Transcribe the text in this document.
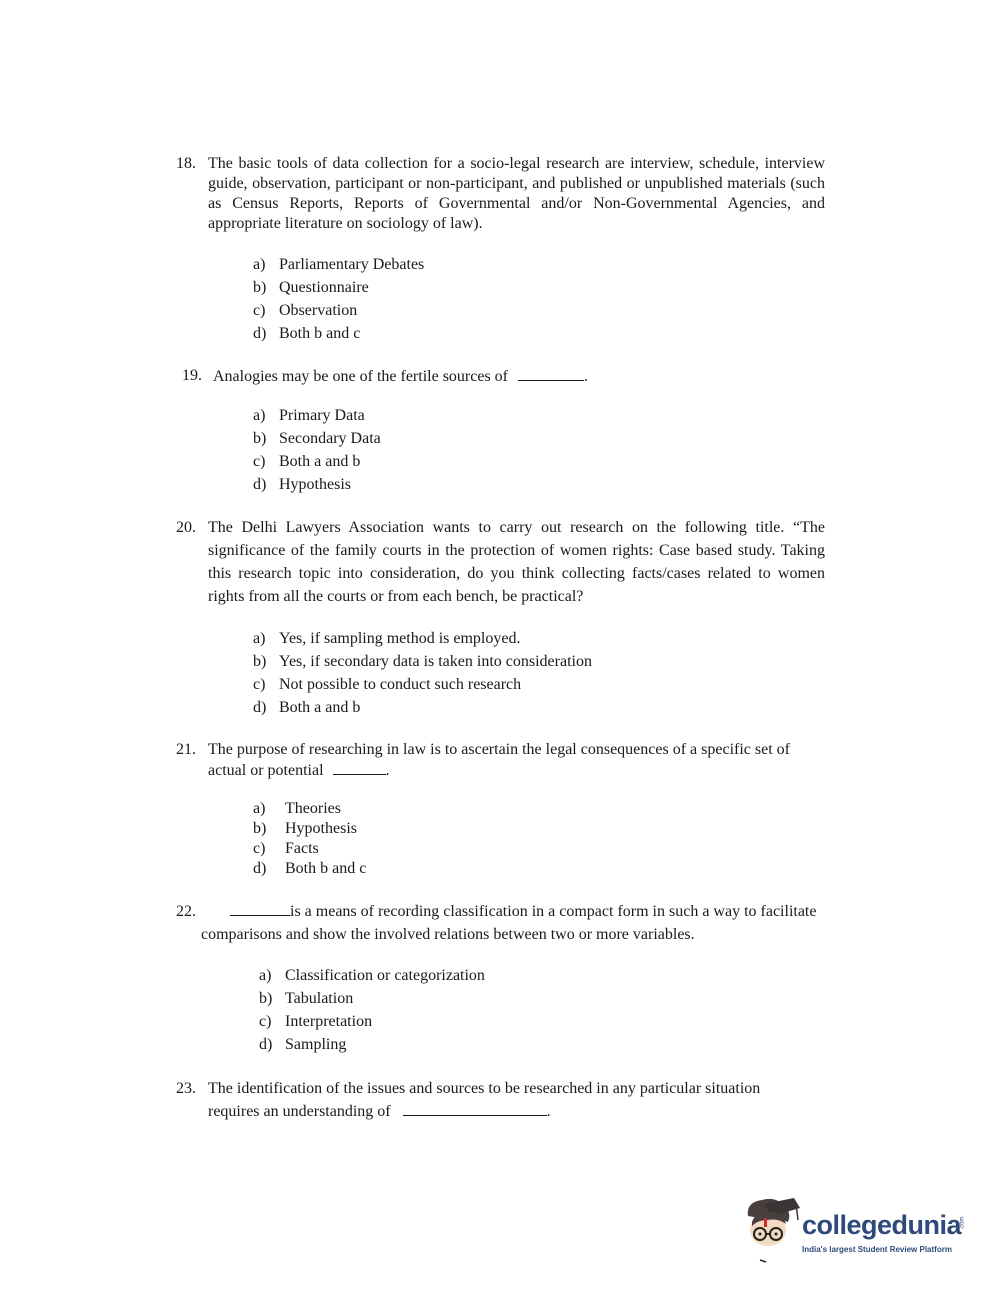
18. The basic tools of data collection for a socio-legal research are interview, schedule, interview guide, observation, participant or non-participant, and published or unpublished materials (such as Census Reports, Reports of Governmental and/or Non-Governmental Agencies, and appropriate literature on sociology of law).
a) Parliamentary Debates
b) Questionnaire
c) Observation
d) Both b and c
19. Analogies may be one of the fertile sources of	.
a) Primary Data
b) Secondary Data
c) Both a and b
d) Hypothesis
20. The Delhi Lawyers Association wants to carry out research on the following title. “The significance of the family courts in the protection of women rights: Case based study. Taking this research topic into consideration, do you think collecting facts/cases related to women rights from all the courts or from each bench, be practical?
a) Yes, if sampling method is employed.
b) Yes, if secondary data is taken into consideration
c) Not possible to conduct such research
d) Both a and b
21. The purpose of researching in law is to ascertain the legal consequences of a specific set of actual or potential	.
a)	Theories
b)	Hypothesis
c)	Facts
d)	Both b and c
22.	is a means of recording classification in a compact form in such a way to facilitate comparisons and show the involved relations between two or more variables.
a) Classification or categorization
b) Tabulation
c) Interpretation
d) Sampling
23. The identification of the issues and sources to be researched in any particular situation requires an understanding of	.
collegedunia
.com
India's largest Student Review Platform
